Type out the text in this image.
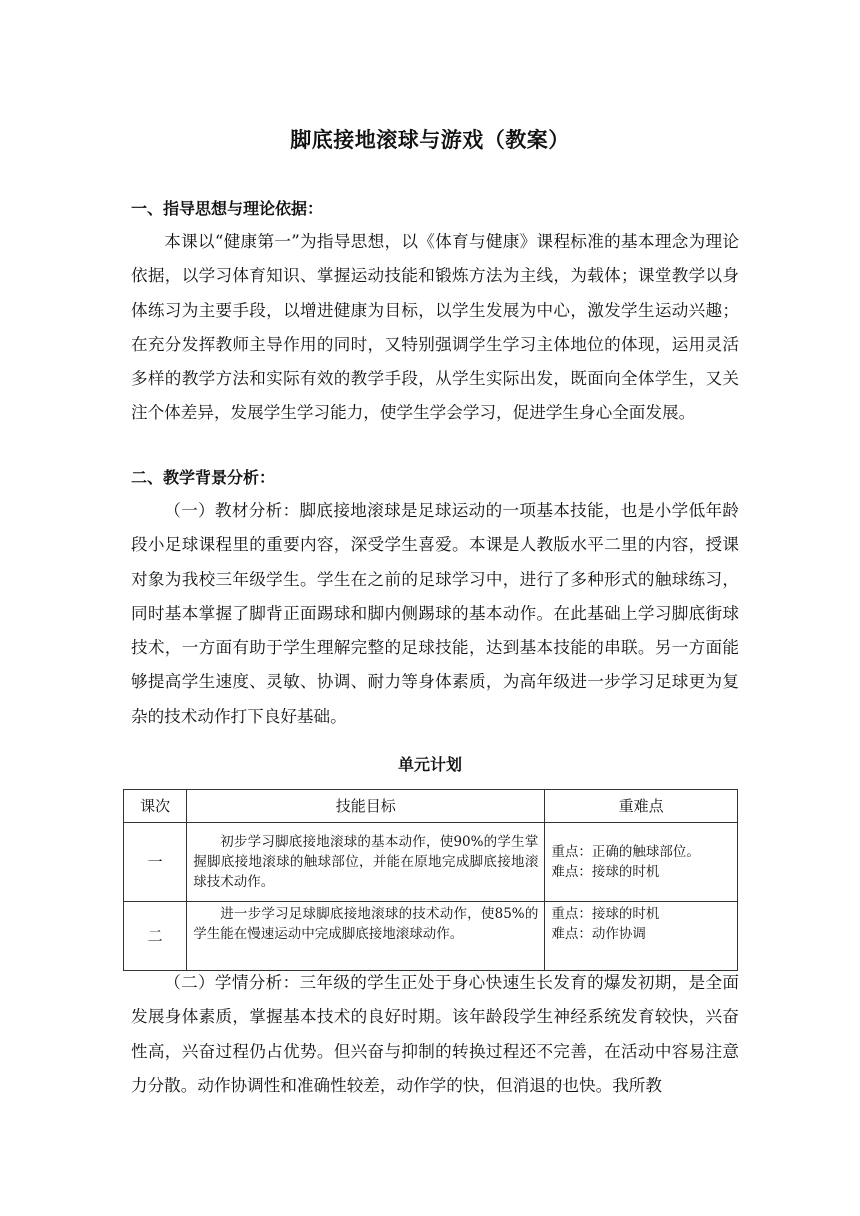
脚底接地滚球与游戏（教案）
一、指导思想与理论依据：

本课以“健康第一”为指导思想，以《体育与健康》课程标准的基本理念为理论依据，以学习体育知识、掌握运动技能和锻炼方法为主线，为载体；课堂教学以身体练习为主要手段，以增进健康为目标，以学生发展为中心，激发学生运动兴趣；在充分发挥教师主导作用的同时，又特别强调学生学习主体地位的体现，运用灵活多样的教学方法和实际有效的教学手段，从学生实际出发，既面向全体学生，又关注个体差异，发展学生学习能力，使学生学会学习，促进学生身心全面发展。

二、教学背景分析：

（一）教材分析：脚底接地滚球是足球运动的一项基本技能，也是小学低年龄段小足球课程里的重要内容，深受学生喜爱。本课是人教版水平二里的内容，授课对象为我校三年级学生。学生在之前的足球学习中，进行了多种形式的触球练习，同时基本掌握了脚背正面踢球和脚内侧踢球的基本动作。在此基础上学习脚底街球技术，一方面有助于学生理解完整的足球技能，达到基本技能的串联。另一方面能够提高学生速度、灵敏、协调、耐力等身体素质，为高年级进一步学习足球更为复杂的技术动作打下良好基础。

单元计划
课次	技能目标	重难点
一	初步学习脚底接地滚球的基本动作，使90%的学生掌握脚底接地滚球的触球部位，并能在原地完成脚底接地滚球技术动作。	重点：正确的触球部位。
难点：接球的时机

二	进一步学习足球脚底接地滚球的技术动作，使85%的学生能在慢速运动中完成脚底接地滚球动作。	重点：接球的时机
难点：动作协调

（二）学情分析：三年级的学生正处于身心快速生长发育的爆发初期，是全面发展身体素质，掌握基本技术的良好时期。该年龄段学生神经系统发育较快，兴奋性高，兴奋过程仍占优势。但兴奋与抑制的转换过程还不完善，在活动中容易注意力分散。动作协调性和准确性较差，动作学的快，但消退的也快。我所教
